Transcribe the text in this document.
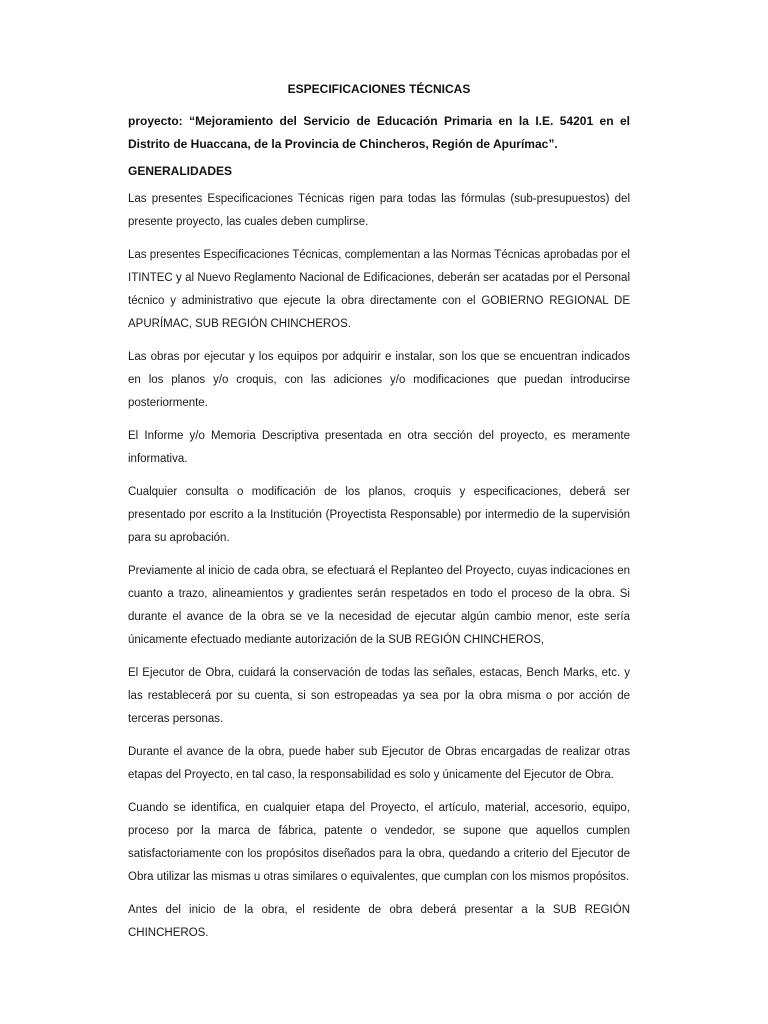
ESPECIFICACIONES TÉCNICAS
proyecto: “Mejoramiento del Servicio de Educación Primaria en la I.E. 54201 en el Distrito de Huaccana, de la Provincia de Chincheros, Región de Apurímac”.
GENERALIDADES
Las presentes Especificaciones Técnicas rigen para todas las fórmulas (sub-presupuestos) del presente proyecto, las cuales deben cumplirse.
Las presentes Especificaciones Técnicas, complementan a las Normas Técnicas aprobadas por el ITINTEC y al Nuevo Reglamento Nacional de Edificaciones, deberán ser acatadas por el Personal técnico y administrativo que ejecute la obra directamente con el GOBIERNO REGIONAL DE APURÍMAC, SUB REGIÓN CHINCHEROS.
Las obras por ejecutar y los equipos por adquirir e instalar, son los que se encuentran indicados en los planos y/o croquis, con las adiciones y/o modificaciones que puedan introducirse posteriormente.
El Informe y/o Memoria Descriptiva presentada en otra sección del proyecto, es meramente informativa.
Cualquier consulta o modificación de los planos, croquis y especificaciones, deberá ser presentado por escrito a la Institución (Proyectista Responsable) por intermedio de la supervisión para su aprobación.
Previamente al inicio de cada obra, se efectuará el Replanteo del Proyecto, cuyas indicaciones en cuanto a trazo, alineamientos y gradientes serán respetados en todo el proceso de la obra. Si durante el avance de la obra se ve la necesidad de ejecutar algún cambio menor, este sería únicamente efectuado mediante autorización de la SUB REGIÓN CHINCHEROS,
El Ejecutor de Obra, cuidará la conservación de todas las señales, estacas, Bench Marks, etc. y las restablecerá por su cuenta, si son estropeadas ya sea por la obra misma o por acción de terceras personas.
Durante el avance de la obra, puede haber sub Ejecutor de Obras encargadas de realizar otras etapas del Proyecto, en tal caso, la responsabilidad es solo y únicamente del Ejecutor de Obra.
Cuando se identifica, en cualquier etapa del Proyecto, el artículo, material, accesorio, equipo, proceso por la marca de fábrica, patente o vendedor, se supone que aquellos cumplen satisfactoriamente con los propósitos diseñados para la obra, quedando a criterio del Ejecutor de Obra utilizar las mismas u otras similares o equivalentes, que cumplan con los mismos propósitos.
Antes del inicio de la obra, el residente de obra deberá presentar a la SUB REGIÓN CHINCHEROS.
